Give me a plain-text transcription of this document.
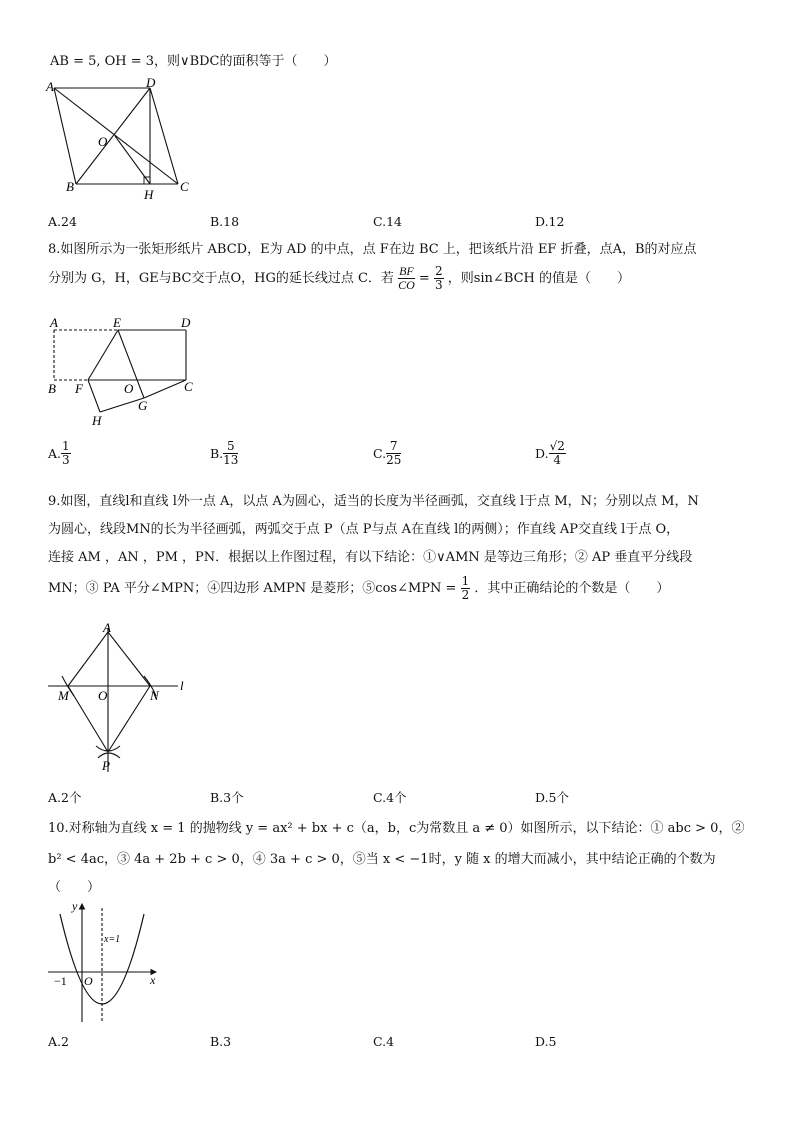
AB = 5, OH = 3，则∨BDC的面积等于（　　）
A	D
O
B
H
C
A.24	B.18	C.14	D.12
8.如图所示为一张矩形纸片 ABCD，E为 AD 的中点，点 F在边 BC 上，把该纸片沿 EF 折叠，点A，B的对应点
分别为 G，H，GE与BC交于点O，HG的延长线过点 C．若 $\frac{BF}{CO} = \frac{2}{3}$ ，则sin∠BCH 的值是（　　）
A	E	D
B F	O	C
G
H
A. $\frac{1}{3}$	B. $\frac{5}{13}$	C. $\frac{7}{25}$	D. $\frac{√2}{4}$
9.如图，直线l和直线 l外一点 A，以点 A为圆心，适当的长度为半径画弧，交直线 l于点 M，N；分别以点 M，N
为圆心，线段MN的长为半径画弧，两弧交于点 P（点 P与点 A在直线 l的两侧）；作直线 AP交直线 l于点 O，
连接 AM ，AN ，PM ，PN．根据以上作图过程，有以下结论：①∨AMN 是等边三角形；② AP 垂直平分线段
MN；③ PA 平分∠MPN；④四边形 AMPN 是菱形；⑤cos∠MPN = $\frac{1}{2}$ ．其中正确结论的个数是（　　）
A
M O	N
l
P
A.2个	B.3个	C.4个	D.5个
10.对称轴为直线 x = 1 的抛物线 y = ax² + bx + c（a，b，c为常数且 a ≠ 0）如图所示，以下结论：① abc > 0，②
b² < 4ac，③ 4a + 2b + c > 0，④ 3a + c > 0，⑤当 x < −1时，y 随 x 的增大而减小，其中结论正确的个数为
（　　）
y
x
O
−1
x=1
A.2	B.3	C.4	D.5
